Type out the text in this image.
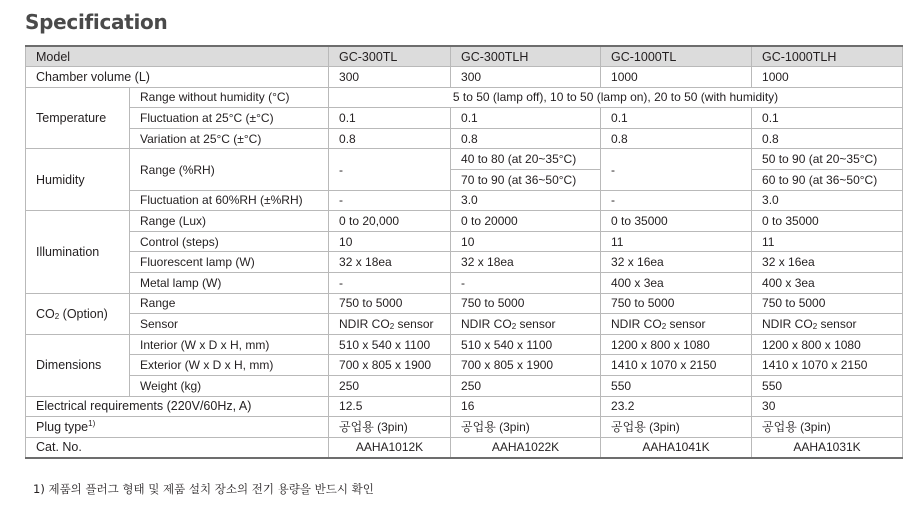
Specification
Model		GC-300TL	GC-300TLH	GC-1000TL	GC-1000TLH
Chamber volume (L)		300	300	1000	1000
Temperature	Range without humidity (°C)	5 to 50 (lamp off), 10 to 50 (lamp on), 20 to 50 (with humidity)			
	Fluctuation at 25°C (±°C)	0.1	0.1	0.1	0.1
	Variation at 25°C (±°C)	0.8	0.8	0.8	0.8
Humidity	Range (%RH)	-	40 to 80 (at 20~35°C)	-	50 to 90 (at 20~35°C)
			70 to 90 (at 36~50°C)		60 to 90 (at 36~50°C)
	Fluctuation at 60%RH (±%RH)	-	3.0	-	3.0
Illumination	Range (Lux)	0 to 20,000	0 to 20000	0 to 35000	0 to 35000
	Control (steps)	10	10	11	11
	Fluorescent lamp (W)	32 x 18ea	32 x 18ea	32 x 16ea	32 x 16ea
	Metal lamp (W)	-	-	400 x 3ea	400 x 3ea
$CO_2$ (Option)	Range	750 to 5000	750 to 5000	750 to 5000	750 to 5000
	Sensor	NDIR $CO_2$ sensor	NDIR $CO_2$ sensor	NDIR $CO_2$ sensor	NDIR $CO_2$ sensor
Dimensions	Interior (W x D x H, mm)	510 x 540 x 1100	510 x 540 x 1100	1200 x 800 x 1080	1200 x 800 x 1080
	Exterior (W x D x H, mm)	700 x 805 x 1900	700 x 805 x 1900	1410 x 1070 x 2150	1410 x 1070 x 2150
	Weight (kg)	250	250	550	550
Electrical requirements (220V/60Hz, A)		12.5	16	23.2	30
Plug type$^{1)}$		공업용 (3pin)	공업용 (3pin)	공업용 (3pin)	공업용 (3pin)
Cat. No.		AAHA1012K	AAHA1022K	AAHA1041K	AAHA1031K
1) 제품의 플러그 형태 및 제품 설치 장소의 전기 용량을 반드시 확인
